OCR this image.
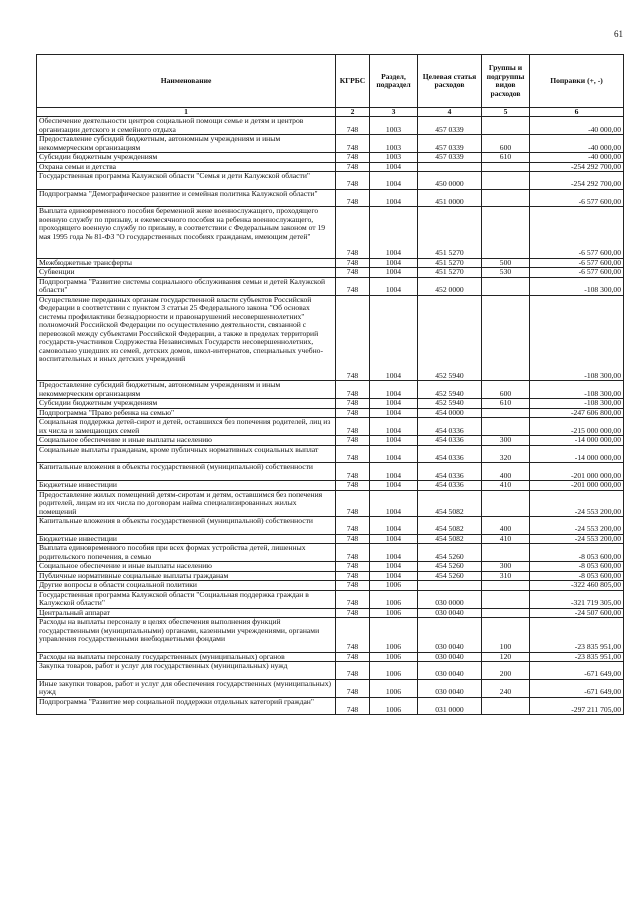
61
Наименование	КГРБС	Раздел, подраздел	Целевая статья расходов	Группы и подгруппы видов расходов	Поправки (+, -)
1	2	3	4	5	6
Обеспечение деятельности центров социальной помощи семье и детям и центров организации детского и семейного отдыха	748	1003	457 0339		-40 000,00
Предоставление субсидий бюджетным, автономным учреждениям и иным некоммерческим организациям	748	1003	457 0339	600	-40 000,00
Субсидии бюджетным учреждениям	748	1003	457 0339	610	-40 000,00
Охрана семьи и детства	748	1004			-254 292 700,00
Государственная программа Калужской области "Семья и дети Калужской области"	748	1004	450 0000		-254 292 700,00
Подпрограмма "Демографическое развитие и семейная политика Калужской области"	748	1004	451 0000		-6 577 600,00
Выплата единовременного пособия беременной жене военнослужащего, проходящего военную службу по призыву, и ежемесячного пособия на ребенка военнослужащего, проходящего военную службу по призыву, в соответствии с Федеральным законом от 19 мая 1995 года № 81-ФЗ "О государственных пособиях гражданам, имеющим детей"	748	1004	451 5270		-6 577 600,00
Межбюджетные трансферты	748	1004	451 5270	500	-6 577 600,00
Субвенции	748	1004	451 5270	530	-6 577 600,00
Подпрограмма "Развитие системы социального обслуживания семьи и детей Калужской области"	748	1004	452 0000		-108 300,00
Осуществление переданных органам государственной власти субъектов Российской Федерации в соответствии с пунктом 3 статьи 25 Федерального закона "Об основах системы профилактики безнадзорности и правонарушений несовершеннолетних" полномочий Российской Федерации по осуществлению деятельности, связанной с перевозкой между субъектами Российской Федерации, а также в пределах территорий государств-участников Содружества Независимых Государств несовершеннолетних, самовольно ушедших из семей, детских домов, школ-интернатов, специальных учебно-воспитательных и иных детских учреждений	748	1004	452 5940		-108 300,00
Предоставление субсидий бюджетным, автономным учреждениям и иным некоммерческим организациям	748	1004	452 5940	600	-108 300,00
Субсидии бюджетным учреждениям	748	1004	452 5940	610	-108 300,00
Подпрограмма "Право ребенка на семью"	748	1004	454 0000		-247 606 800,00
Социальная поддержка детей-сирот и детей, оставшихся без попечения родителей, лиц из их числа и замещающих семей	748	1004	454 0336		-215 000 000,00
Социальное обеспечение и иные выплаты населению	748	1004	454 0336	300	-14 000 000,00
Социальные выплаты гражданам, кроме публичных нормативных социальных выплат	748	1004	454 0336	320	-14 000 000,00
Капитальные вложения в объекты государственной (муниципальной) собственности	748	1004	454 0336	400	-201 000 000,00
Бюджетные инвестиции	748	1004	454 0336	410	-201 000 000,00
Предоставление жилых помещений детям-сиротам и детям, оставшимся без попечения родителей, лицам из их числа по договорам найма специализированных жилых помещений	748	1004	454 5082		-24 553 200,00
Капитальные вложения в объекты государственной (муниципальной) собственности	748	1004	454 5082	400	-24 553 200,00
Бюджетные инвестиции	748	1004	454 5082	410	-24 553 200,00
Выплата единовременного пособия при всех формах устройства детей, лишенных родительского попечения, в семью	748	1004	454 5260		-8 053 600,00
Социальное обеспечение и иные выплаты населению	748	1004	454 5260	300	-8 053 600,00
Публичные нормативные социальные выплаты гражданам	748	1004	454 5260	310	-8 053 600,00
Другие вопросы в области социальной политики	748	1006			-322 460 805,00
Государственная программа Калужской области "Социальная поддержка граждан в Калужской области"	748	1006	030 0000		-321 719 305,00
Центральный аппарат	748	1006	030 0040		-24 507 600,00
Расходы на выплаты персоналу в целях обеспечения выполнения функций государственными (муниципальными) органами, казенными учреждениями, органами управления государственными внебюджетными фондами	748	1006	030 0040	100	-23 835 951,00
Расходы на выплаты персоналу государственных (муниципальных) органов	748	1006	030 0040	120	-23 835 951,00
Закупка товаров, работ и услуг для государственных (муниципальных) нужд	748	1006	030 0040	200	-671 649,00
Иные закупки товаров, работ и услуг для обеспечения государственных (муниципальных) нужд	748	1006	030 0040	240	-671 649,00
Подпрограмма "Развитие мер социальной поддержки отдельных категорий граждан"	748	1006	031 0000		-297 211 705,00
